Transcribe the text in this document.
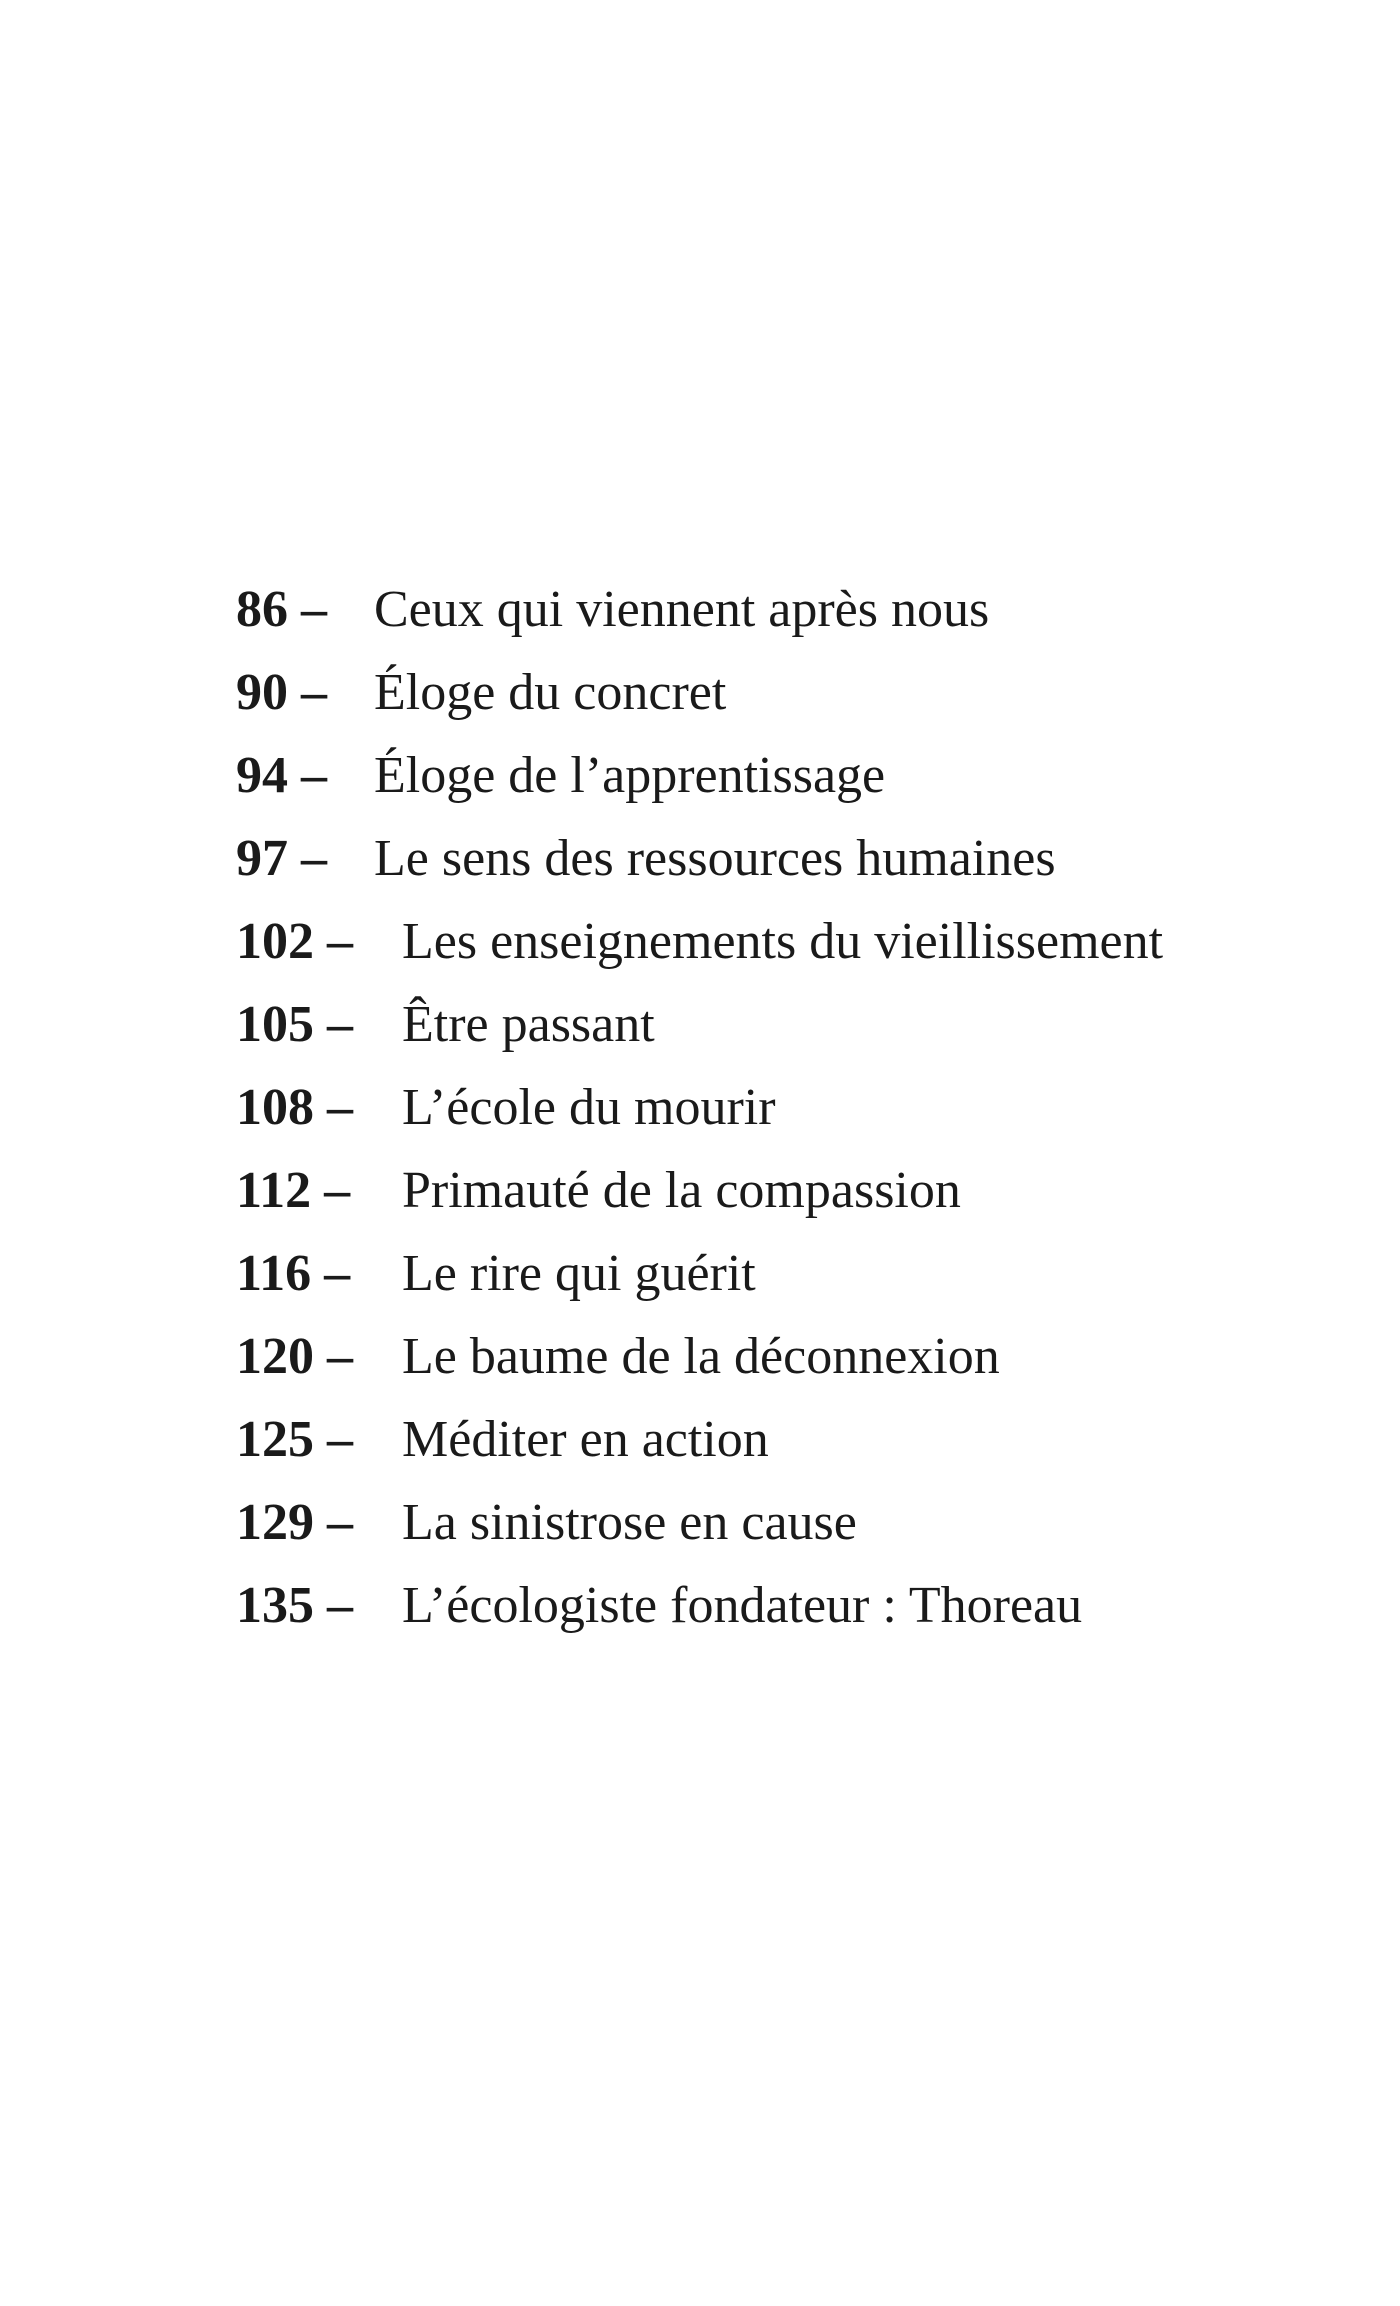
86 – Ceux qui viennent après nous
90 – Éloge du concret
94 – Éloge de l’apprentissage
97 – Le sens des ressources humaines
102 – Les enseignements du vieillissement
105 – Être passant
108 – L’école du mourir
112 – Primauté de la compassion
116 – Le rire qui guérit
120 – Le baume de la déconnexion
125 – Méditer en action
129 – La sinistrose en cause
135 – L’écologiste fondateur : Thoreau
